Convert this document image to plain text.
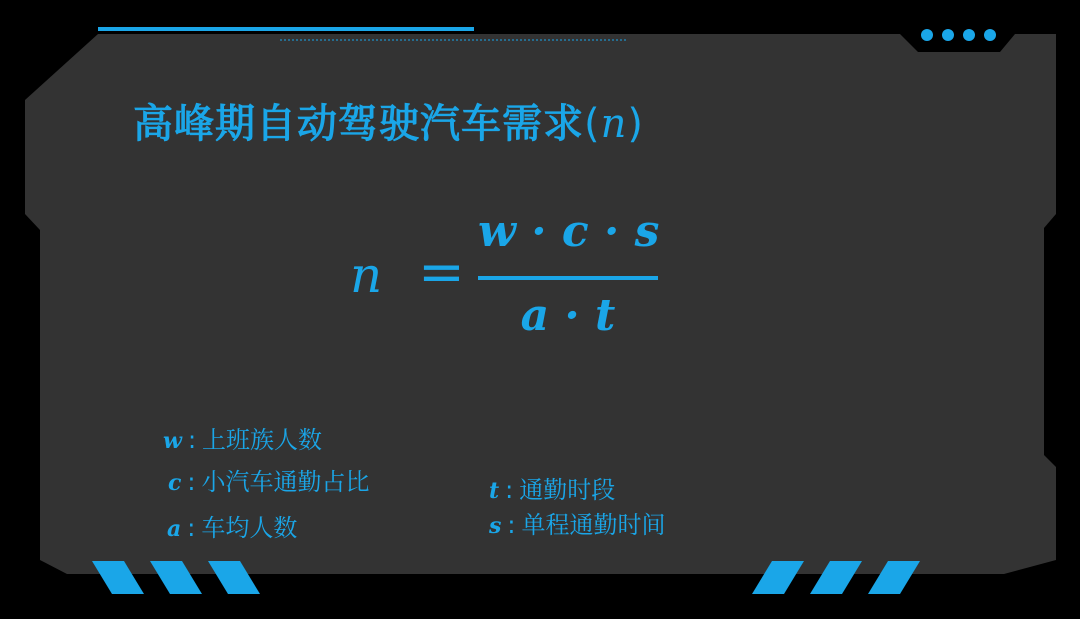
高峰期自动驾驶汽车需求(n)
n =
w · c · s
a · t
w : 上班族人数
c : 小汽车通勤占比
a : 车均人数
t : 通勤时段
s : 单程通勤时间
